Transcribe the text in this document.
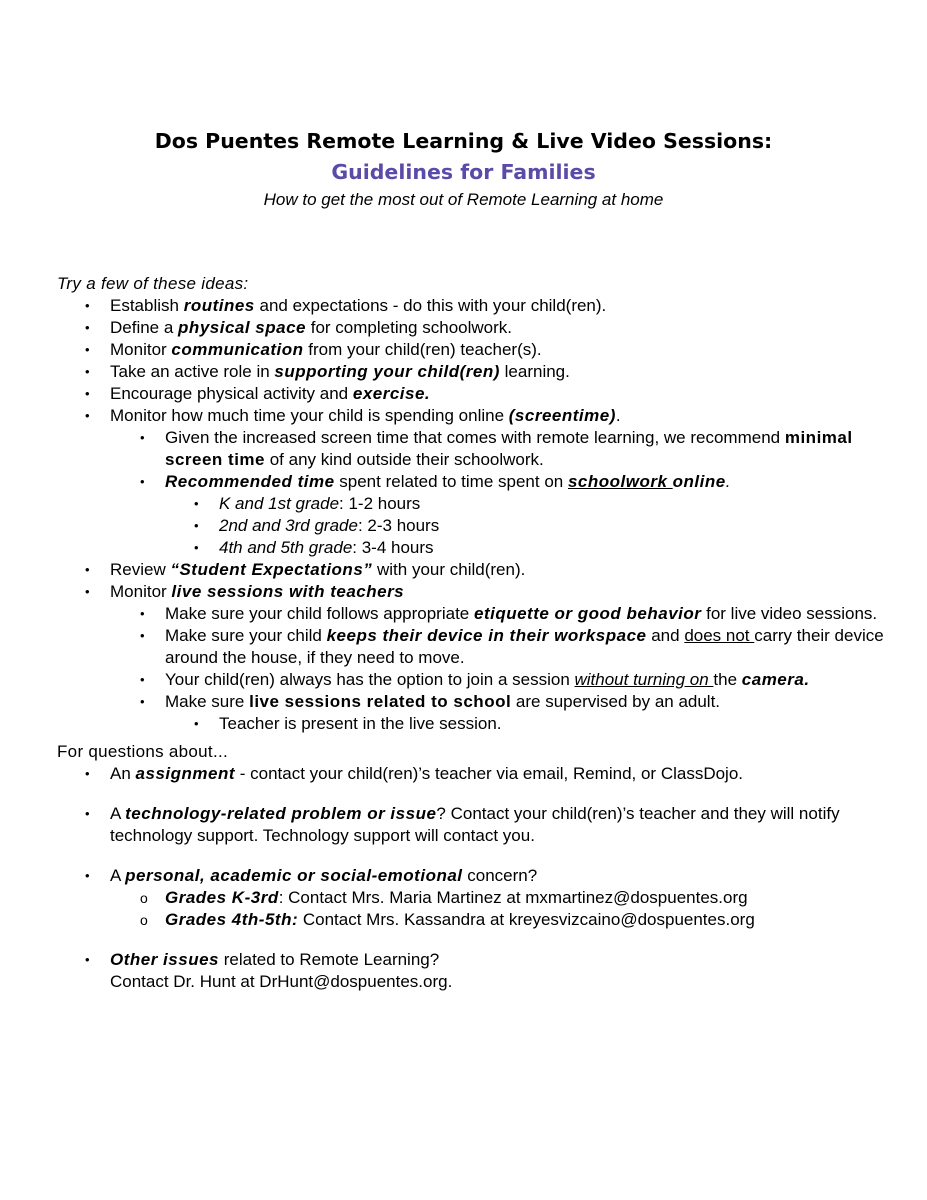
Dos Puentes Remote Learning & Live Video Sessions:
Guidelines for Families
How to get the most out of Remote Learning at home
Try a few of these ideas:
• Establish routines and expectations - do this with your child(ren).
• Define a physical space for completing schoolwork.
• Monitor communication from your child(ren) teacher(s).
• Take an active role in supporting your child(ren) learning.
• Encourage physical activity and exercise.
• Monitor how much time your child is spending online (screentime).
• Given the increased screen time that comes with remote learning, we recommend minimal screen time of any kind outside their schoolwork.
• Recommended time spent related to time spent on schoolwork online.
• K and 1st grade: 1-2 hours
• 2nd and 3rd grade: 2-3 hours
• 4th and 5th grade: 3-4 hours
• Review “Student Expectations” with your child(ren).
• Monitor live sessions with teachers
• Make sure your child follows appropriate etiquette or good behavior for live video sessions.
• Make sure your child keeps their device in their workspace and does not carry their device around the house, if they need to move.
• Your child(ren) always has the option to join a session without turning on the camera.
• Make sure live sessions related to school are supervised by an adult.
• Teacher is present in the live session.
For questions about...
• An assignment - contact your child(ren)’s teacher via email, Remind, or ClassDojo.
• A technology-related problem or issue? Contact your child(ren)’s teacher and they will notify technology support. Technology support will contact you.
• A personal, academic or social-emotional concern?
o Grades K-3rd: Contact Mrs. Maria Martinez at mxmartinez@dospuentes.org
o Grades 4th-5th: Contact Mrs. Kassandra at kreyesvizcaino@dospuentes.org
• Other issues related to Remote Learning?
Contact Dr. Hunt at DrHunt@dospuentes.org.
